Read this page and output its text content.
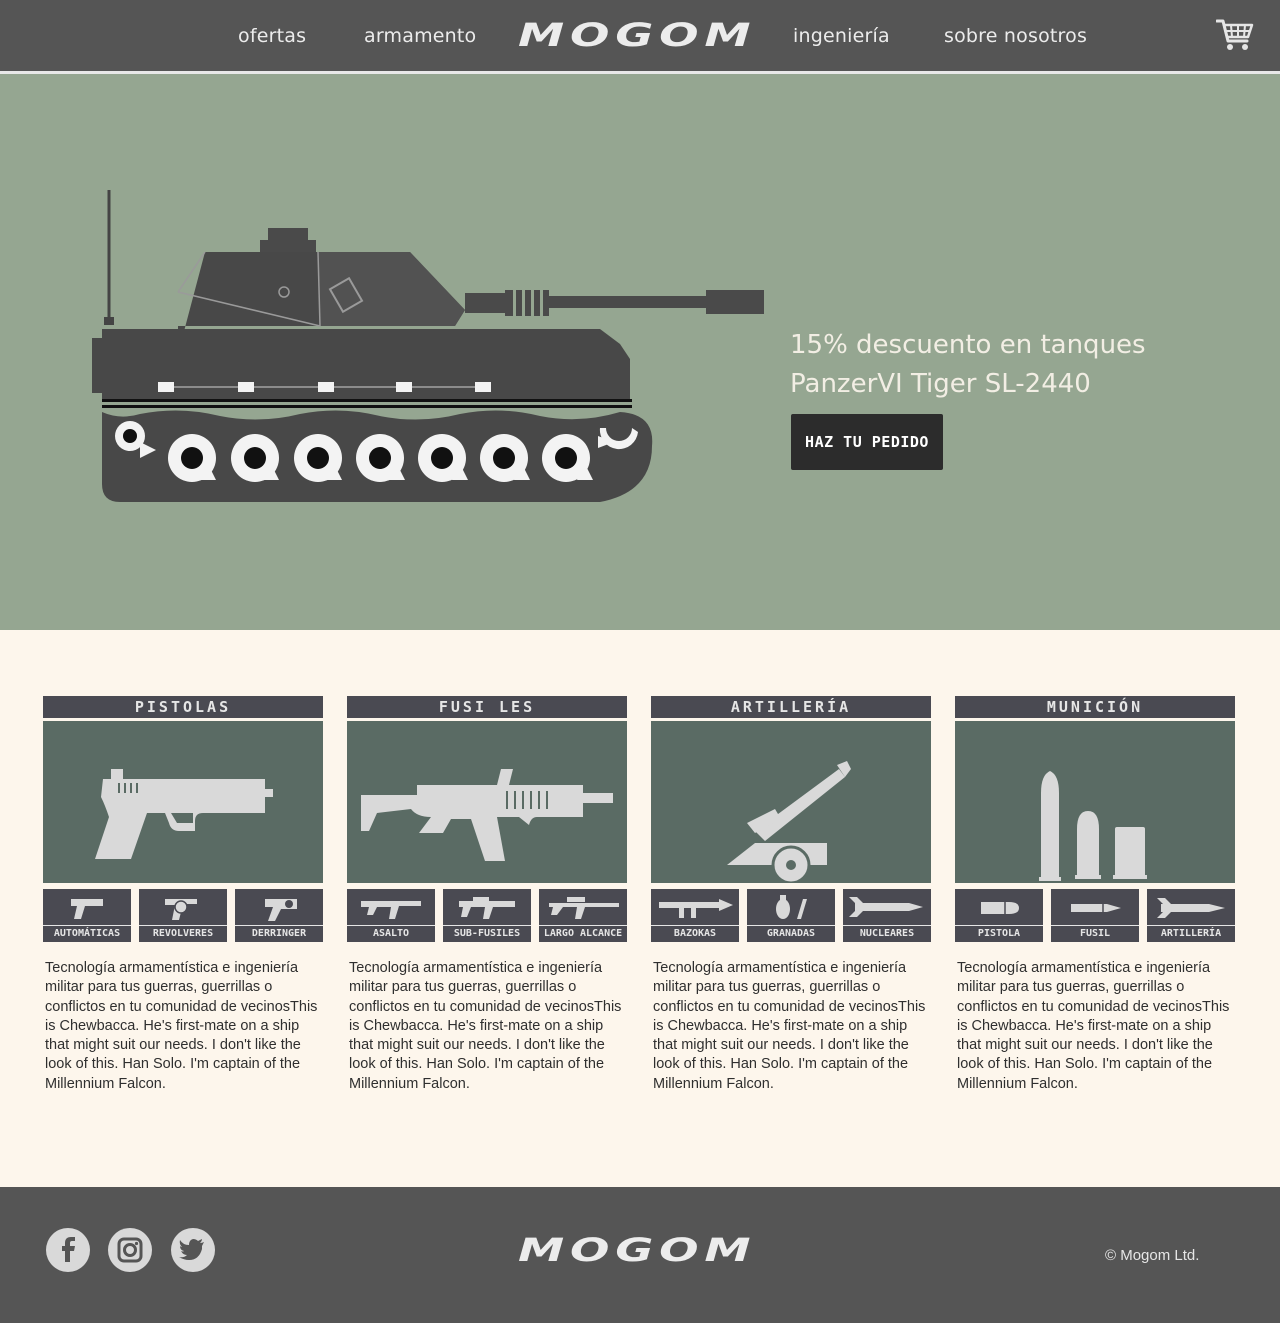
ofertas	armamento MOGOM ingeniería	sobre nosotros
15% descuento en tanques
PanzerVI Tiger SL-2440
HAZ TU PEDIDO
PISTOLAS
AUTOMÁTICAS	REVOLVERES	DERRINGER
Tecnología armamentística e ingeniería militar para tus guerras, guerrillas o conflictos en tu comunidad de vecinosThis is Chewbacca. He's first-mate on a ship that might suit our needs. I don't like the look of this. Han Solo. I'm captain of the Millennium Falcon.
FUSI LES
ASALTO	SUB-FUSILES	LARGO ALCANCE
Tecnología armamentística e ingeniería militar para tus guerras, guerrillas o conflictos en tu comunidad de vecinosThis is Chewbacca. He's first-mate on a ship that might suit our needs. I don't like the look of this. Han Solo. I'm captain of the Millennium Falcon.
ARTILLERÍA
BAZOKAS	GRANADAS	NUCLEARES
Tecnología armamentística e ingeniería militar para tus guerras, guerrillas o conflictos en tu comunidad de vecinosThis is Chewbacca. He's first-mate on a ship that might suit our needs. I don't like the look of this. Han Solo. I'm captain of the Millennium Falcon.
MUNICIÓN
PISTOLA	FUSIL	ARTILLERÍA
Tecnología armamentística e ingeniería militar para tus guerras, guerrillas o conflictos en tu comunidad de vecinosThis is Chewbacca. He's first-mate on a ship that might suit our needs. I don't like the look of this. Han Solo. I'm captain of the Millennium Falcon.
MOGOM	© Mogom Ltd.
